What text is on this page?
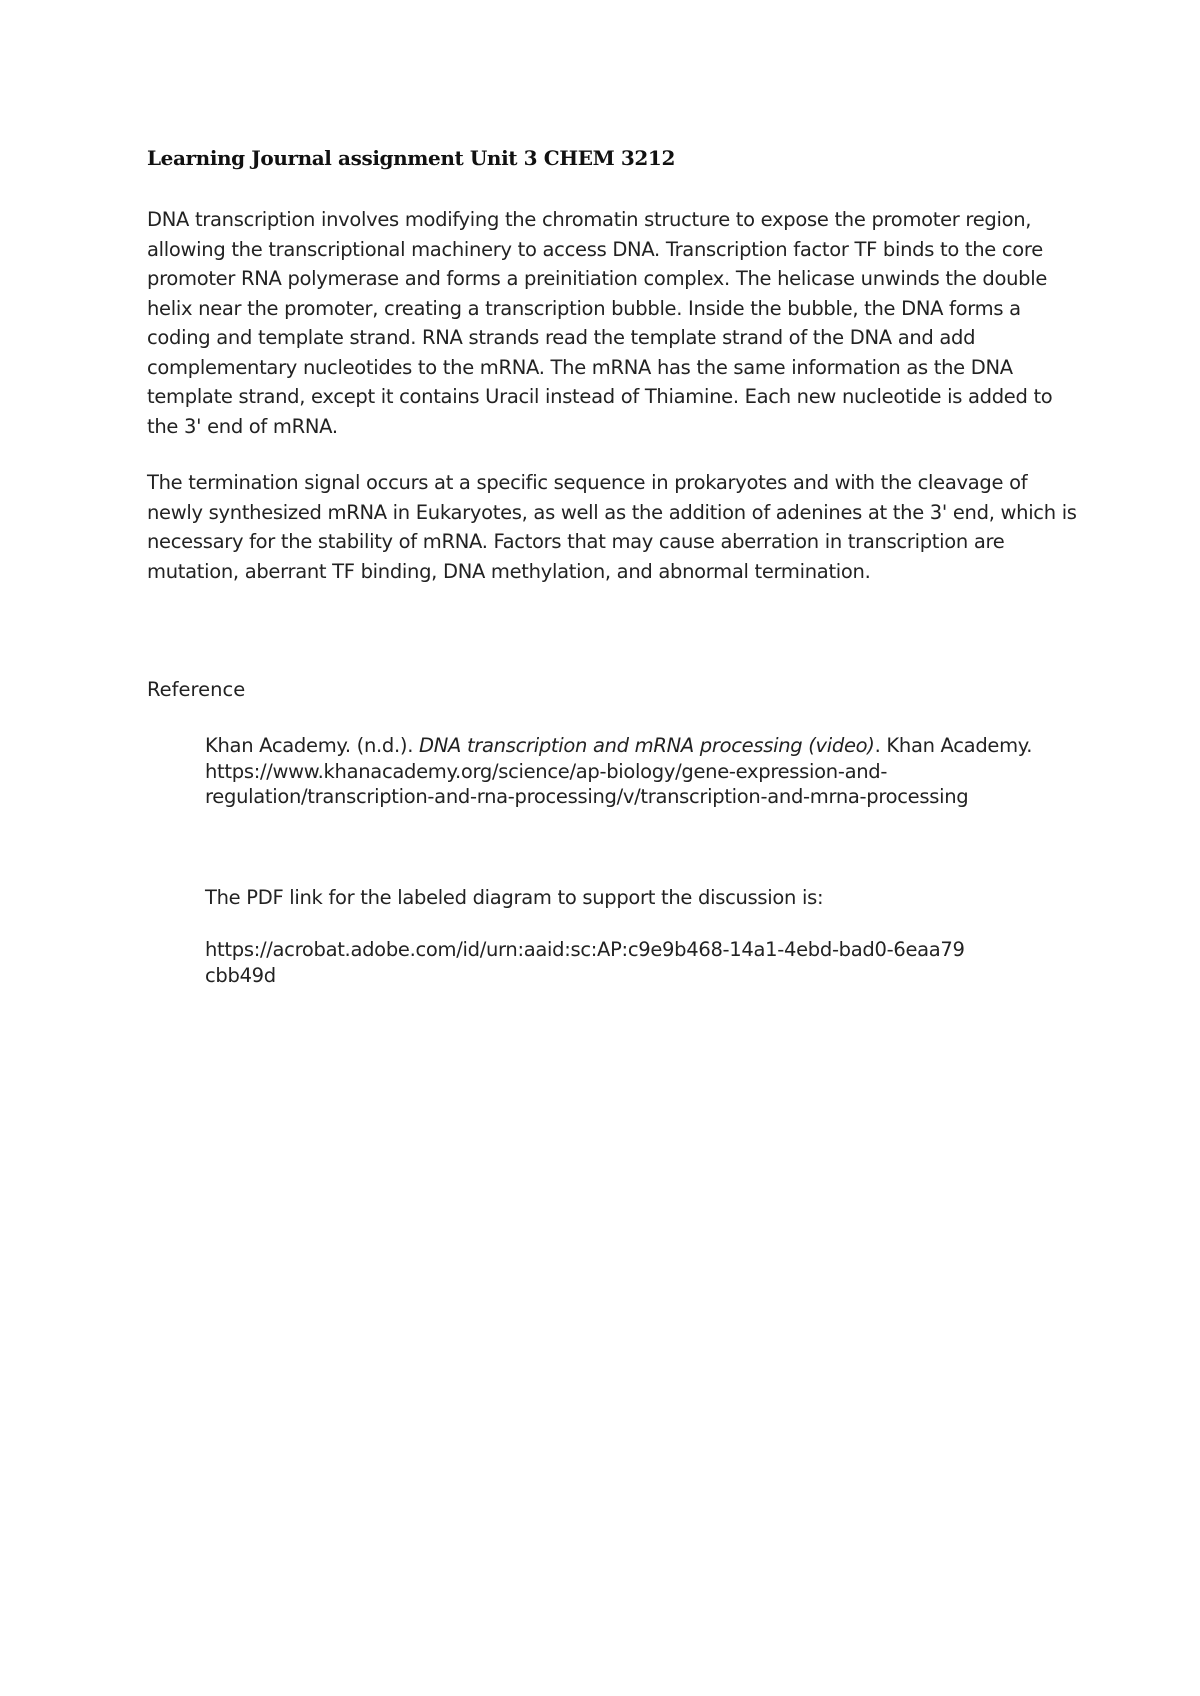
Learning Journal assignment Unit 3 CHEM 3212

DNA transcription involves modifying the chromatin structure to expose the promoter region, allowing the transcriptional machinery to access DNA. Transcription factor TF binds to the core promoter RNA polymerase and forms a preinitiation complex. The helicase unwinds the double helix near the promoter, creating a transcription bubble. Inside the bubble, the DNA forms a coding and template strand. RNA strands read the template strand of the DNA and add complementary nucleotides to the mRNA. The mRNA has the same information as the DNA template strand, except it contains Uracil instead of Thiamine. Each new nucleotide is added to the 3' end of mRNA.

The termination signal occurs at a specific sequence in prokaryotes and with the cleavage of newly synthesized mRNA in Eukaryotes, as well as the addition of adenines at the 3' end, which is necessary for the stability of mRNA. Factors that may cause aberration in transcription are mutation, aberrant TF binding, DNA methylation, and abnormal termination.

Reference
Khan Academy. (n.d.). DNA transcription and mRNA processing (video). Khan Academy. https://www.khanacademy.org/science/ap-biology/gene-expression-and-regulation/transcription-and-rna-processing/v/transcription-and-mrna-processing
The PDF link for the labeled diagram to support the discussion is:
https://acrobat.adobe.com/id/urn:aaid:sc:AP:c9e9b468-14a1-4ebd-bad0-6eaa79cbb49d
